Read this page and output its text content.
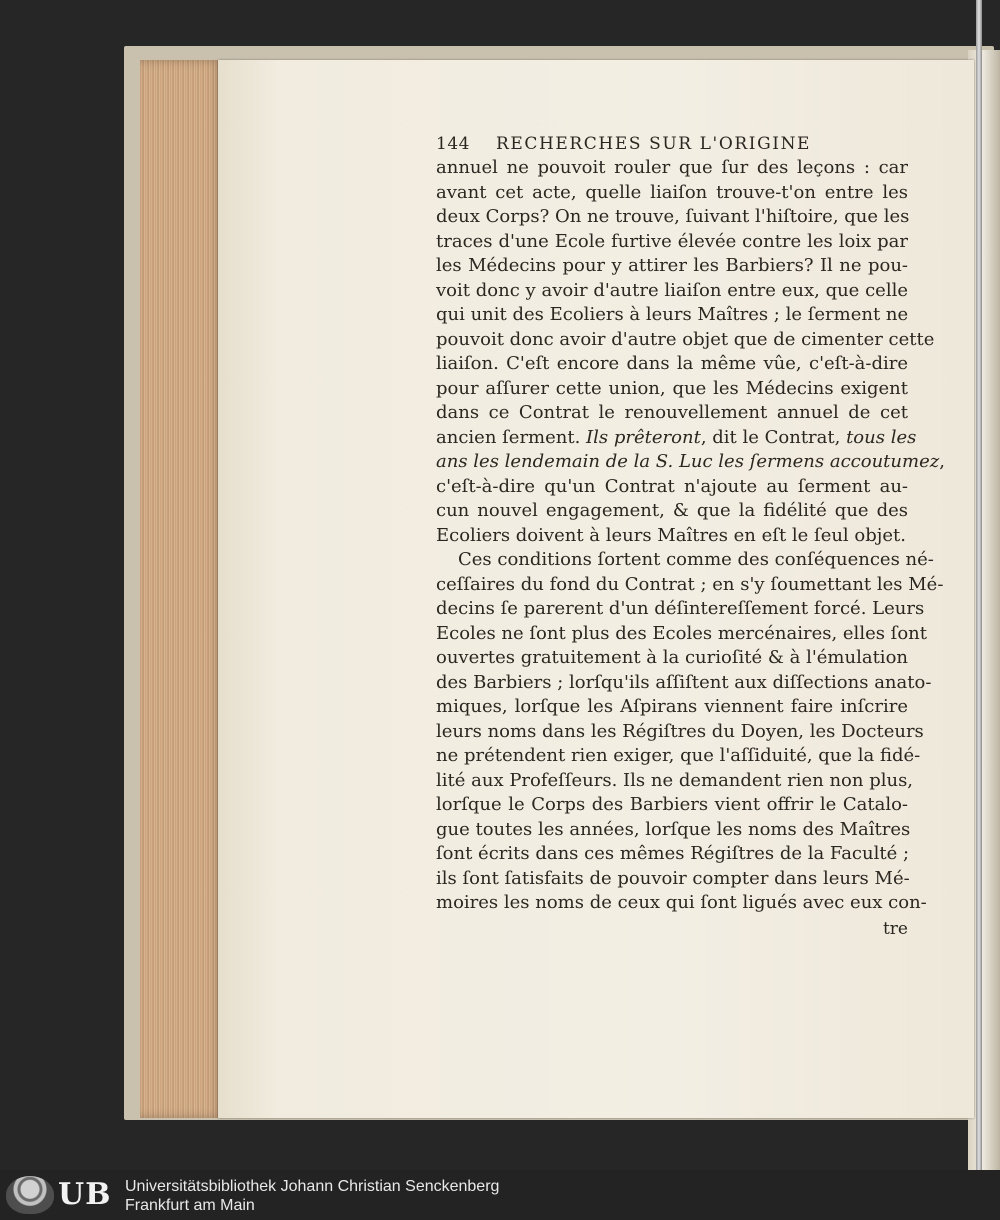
144 RECHERCHES SUR L'ORIGINE
annuel ne pouvoit rouler que ſur des leçons : car
avant cet acte, quelle liaiſon trouve-t'on entre les
deux Corps? On ne trouve, ſuivant l'hiſtoire, que les
traces d'une Ecole furtive élevée contre les loix par
les Médecins pour y attirer les Barbiers? Il ne pou-
voit donc y avoir d'autre liaiſon entre eux, que celle
qui unit des Ecoliers à leurs Maîtres ; le ſerment ne
pouvoit donc avoir d'autre objet que de cimenter cette
liaiſon. C'eſt encore dans la même vûe, c'eſt-à-dire
pour aſſurer cette union, que les Médecins exigent
dans ce Contrat le renouvellement annuel de cet
ancien ſerment. Ils prêteront, dit le Contrat, tous les
ans les lendemain de la S. Luc les ſermens accoutumez,
c'eſt-à-dire qu'un Contrat n'ajoute au ſerment au-
cun nouvel engagement, & que la fidélité que des
Ecoliers doivent à leurs Maîtres en eſt le ſeul objet.
Ces conditions ſortent comme des conſéquences né-
ceſſaires du fond du Contrat ; en s'y ſoumettant les Mé-
decins ſe parerent d'un déſintereſſement forcé. Leurs
Ecoles ne ſont plus des Ecoles mercénaires, elles ſont
ouvertes gratuitement à la curioſité & à l'émulation
des Barbiers ; lorſqu'ils aſſiſtent aux diſſections anato-
miques, lorſque les Aſpirans viennent faire inſcrire
leurs noms dans les Régiſtres du Doyen, les Docteurs
ne prétendent rien exiger, que l'aſſiduité, que la fidé-
lité aux Profeſſeurs. Ils ne demandent rien non plus,
lorſque le Corps des Barbiers vient offrir le Catalo-
gue toutes les années, lorſque les noms des Maîtres
ſont écrits dans ces mêmes Régiſtres de la Faculté ;
ils ſont ſatisfaits de pouvoir compter dans leurs Mé-
moires les noms de ceux qui ſont ligués avec eux con-
tre
UB Universitätsbibliothek Johann Christian Senckenberg
Frankfurt am Main
